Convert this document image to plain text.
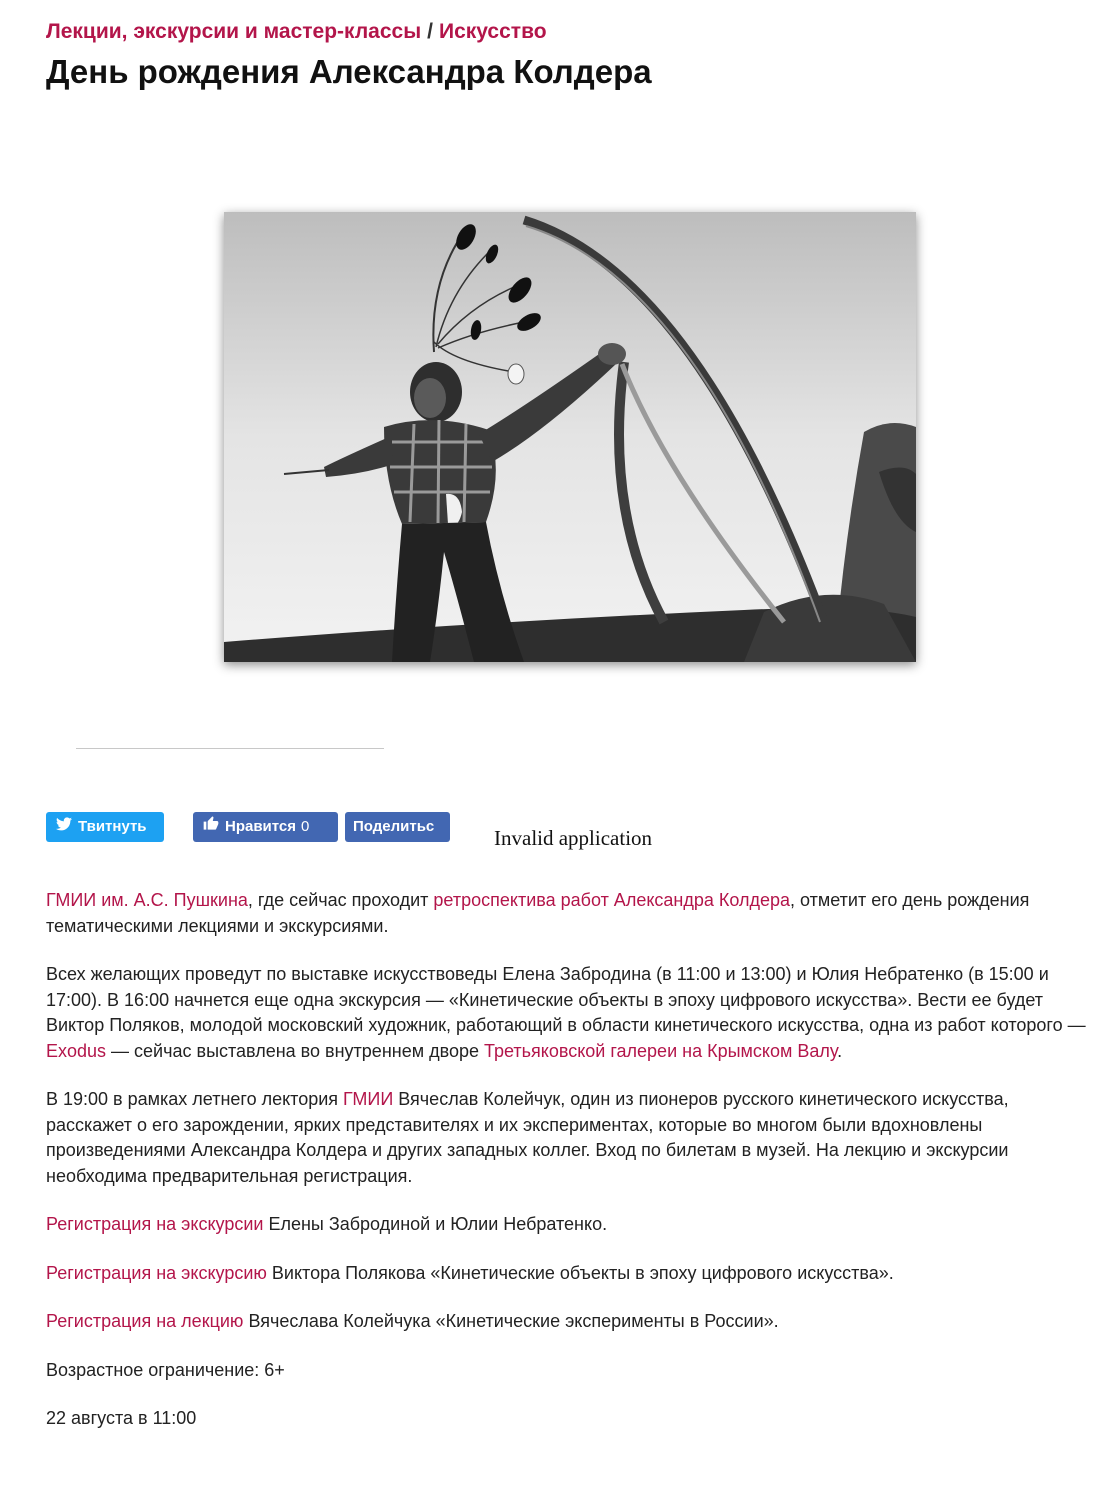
Лекции, экскурсии и мастер-классы / Искусство
День рождения Александра Колдера
Твитнуть	Нравится 0	Поделитьс	Invalid application

ГМИИ им. А.С. Пушкина, где сейчас проходит ретроспектива работ Александра Колдера, отметит его день рождения тематическими лекциями и экскурсиями.

Всех желающих проведут по выставке искусствоведы Елена Забродина (в 11:00 и 13:00) и Юлия Небратенко (в 15:00 и 17:00). В 16:00 начнется еще одна экскурсия — «Кинетические объекты в эпоху цифрового искусства». Вести ее будет Виктор Поляков, молодой московский художник, работающий в области кинетического искусства, одна из работ которого — Exodus — сейчас выставлена во внутреннем дворе Третьяковской галереи на Крымском Валу.

В 19:00 в рамках летнего лектория ГМИИ Вячеслав Колейчук, один из пионеров русского кинетического искусства, расскажет о его зарождении, ярких представителях и их экспериментах, которые во многом были вдохновлены произведениями Александра Колдера и других западных коллег. Вход по билетам в музей. На лекцию и экскурсии необходима предварительная регистрация.

Регистрация на экскурсии Елены Забродиной и Юлии Небратенко.

Регистрация на экскурсию Виктора Полякова «Кинетические объекты в эпоху цифрового искусства».

Регистрация на лекцию Вячеслава Колейчука «Кинетические эксперименты в России».

Возрастное ограничение: 6+

22 августа в 11:00
